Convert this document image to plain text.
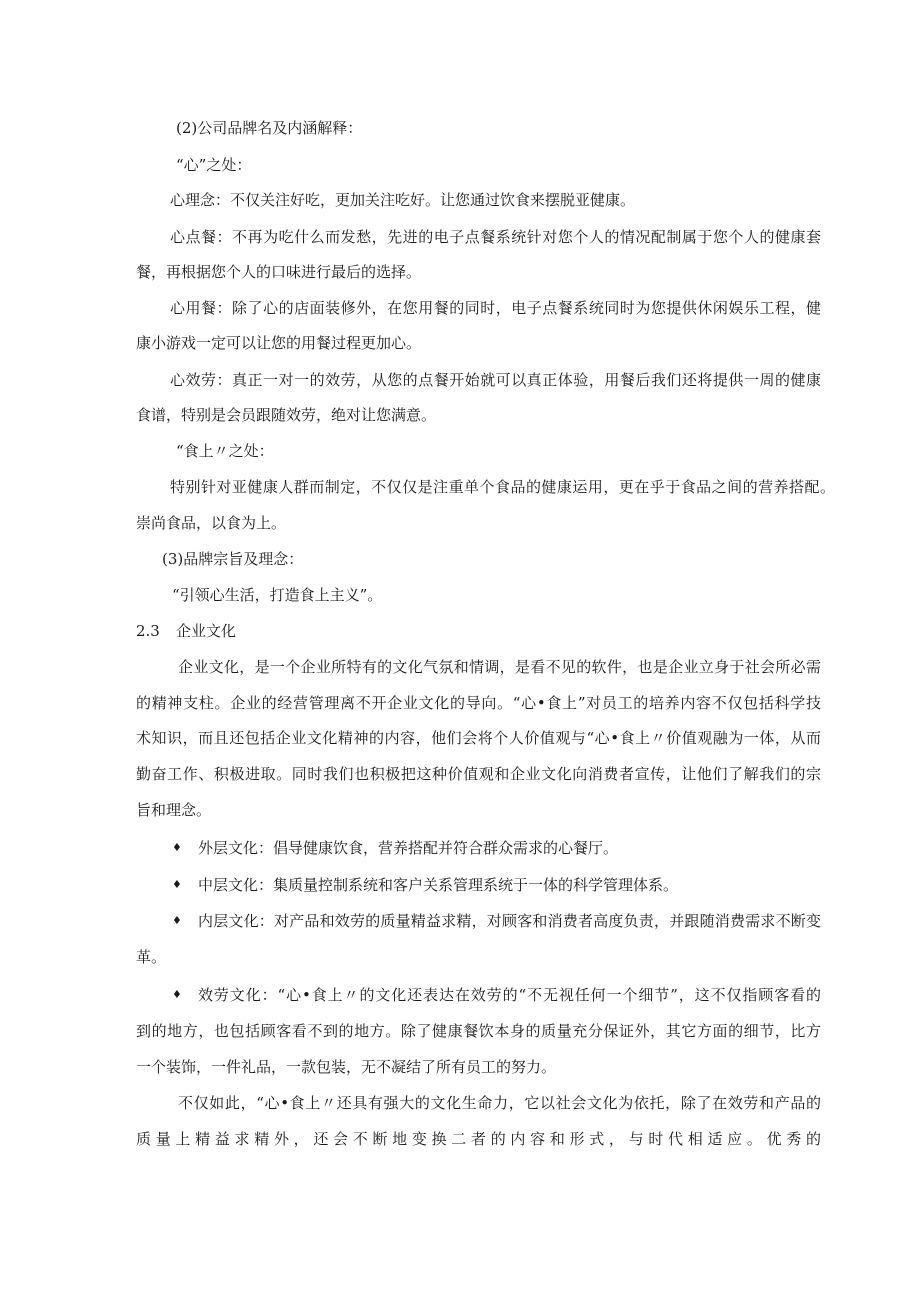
(2)公司品牌名及内涵解释：
“心”之处：
心理念：不仅关注好吃，更加关注吃好。让您通过饮食来摆脱亚健康。
心点餐：不再为吃什么而发愁，先进的电子点餐系统针对您个人的情况配制属于您个人的健康套
餐，再根据您个人的口味进行最后的选择。
心用餐：除了心的店面装修外，在您用餐的同时，电子点餐系统同时为您提供休闲娱乐工程，健
康小游戏一定可以让您的用餐过程更加心。
心效劳：真正一对一的效劳，从您的点餐开始就可以真正体验，用餐后我们还将提供一周的健康
食谱，特别是会员跟随效劳，绝对让您满意。
“食上〃之处：
特别针对亚健康人群而制定，不仅仅是注重单个食品的健康运用，更在乎于食品之间的营养搭配。
崇尚食品，以食为上。
(3)品牌宗旨及理念：
“引领心生活，打造食上主义”。
2.3 企业文化
企业文化，是一个企业所特有的文化气氛和情调，是看不见的软件，也是企业立身于社会所必需
的精神支柱。企业的经营管理离不开企业文化的导向。“心•食上”对员工的培养内容不仅包括科学技
术知识，而且还包括企业文化精神的内容，他们会将个人价值观与“心•食上〃价值观融为一体，从而
勤奋工作、积极进取。同时我们也积极把这种价值观和企业文化向消费者宣传，让他们了解我们的宗
旨和理念。
♦ 外层文化：倡导健康饮食，营养搭配并符合群众需求的心餐厅。
♦ 中层文化：集质量控制系统和客户关系管理系统于一体的科学管理体系。
♦ 内层文化：对产品和效劳的质量精益求精，对顾客和消费者高度负责，并跟随消费需求不断变
革。
♦ 效劳文化：“心•食上〃的文化还表达在效劳的“不无视任何一个细节”，这不仅指顾客看的
到的地方，也包括顾客看不到的地方。除了健康餐饮本身的质量充分保证外，其它方面的细节，比方
一个装饰，一件礼品，一款包装，无不凝结了所有员工的努力。
不仅如此，“心•食上〃还具有强大的文化生命力，它以社会文化为依托，除了在效劳和产品的
质量上精益求精外，还会不断地变换二者的内容和形式，与时代相适应。优秀的
